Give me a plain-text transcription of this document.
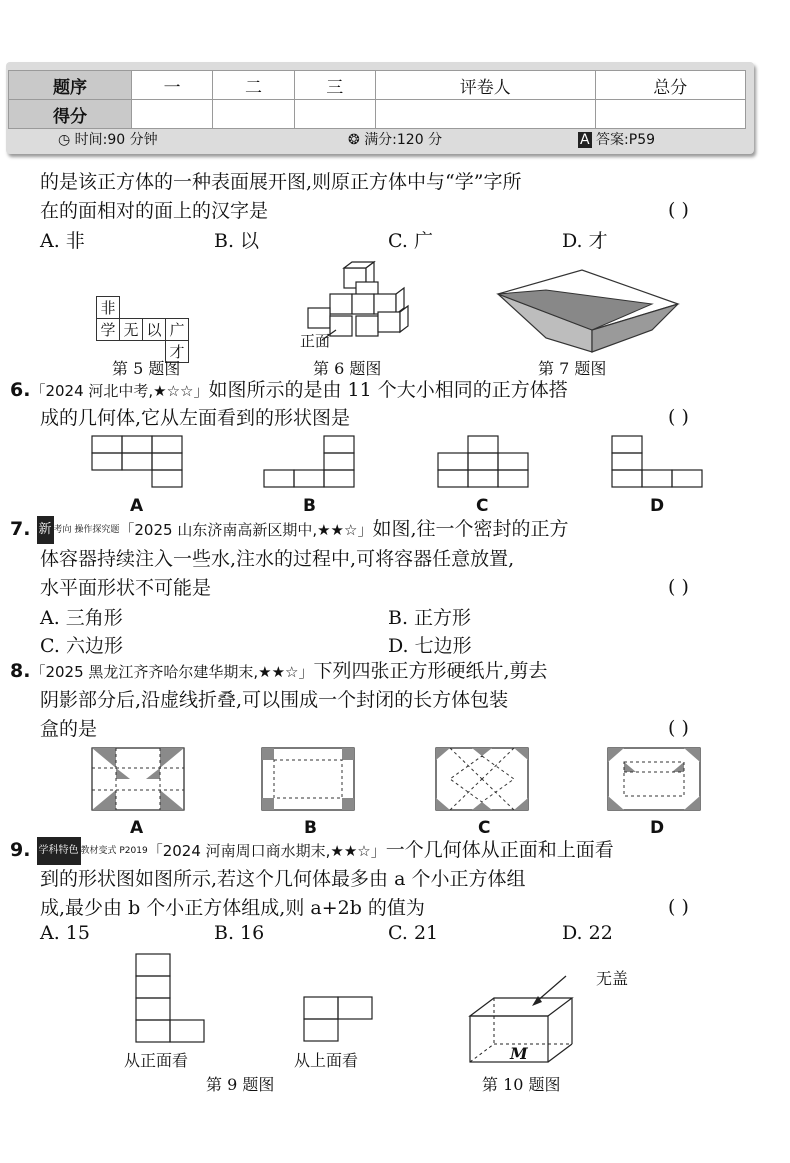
题序	一	二	三	评卷人	总分
得分					
◷ 时间:90 分钟	❂ 满分:120 分	A 答案:P59
的是该正方体的一种表面展开图,则原正方体中与“学”字所
在的面相对的面上的汉字是	( )
A. 非	B. 以	C. 广	D. 才
非				
学	无	以	广	
			才	
第 5 题图
正面
第 6 题图	第 7 题图
6.「2024 河北中考,★☆☆」如图所示的是由 11 个大小相同的正方体搭
成的几何体,它从左面看到的形状图是	( )
A	B	C	D
7. 新 考向 操作探究题「2025 山东济南高新区期中,★★☆」如图,往一个密封的正方
体容器持续注入一些水,注水的过程中,可将容器任意放置,
水平面形状不可能是	( )
A. 三角形	B. 正方形
C. 六边形	D. 七边形
8.「2025 黑龙江齐齐哈尔建华期末,★★☆」下列四张正方形硬纸片,剪去
阴影部分后,沿虚线折叠,可以围成一个封闭的长方体包装
盒的是	( )
A	B	C	D
9. 学科特色 教材变式 P2019「2024 河南周口商水期末,★★☆」一个几何体从正面和上面看
到的形状图如图所示,若这个几何体最多由 a 个小正方体组
成,最少由 b 个小正方体组成,则 a+2b 的值为	( )
A. 15	B. 16	C. 21	D. 22
从正面看	从上面看
第 9 题图
无盖
M
第 10 题图
